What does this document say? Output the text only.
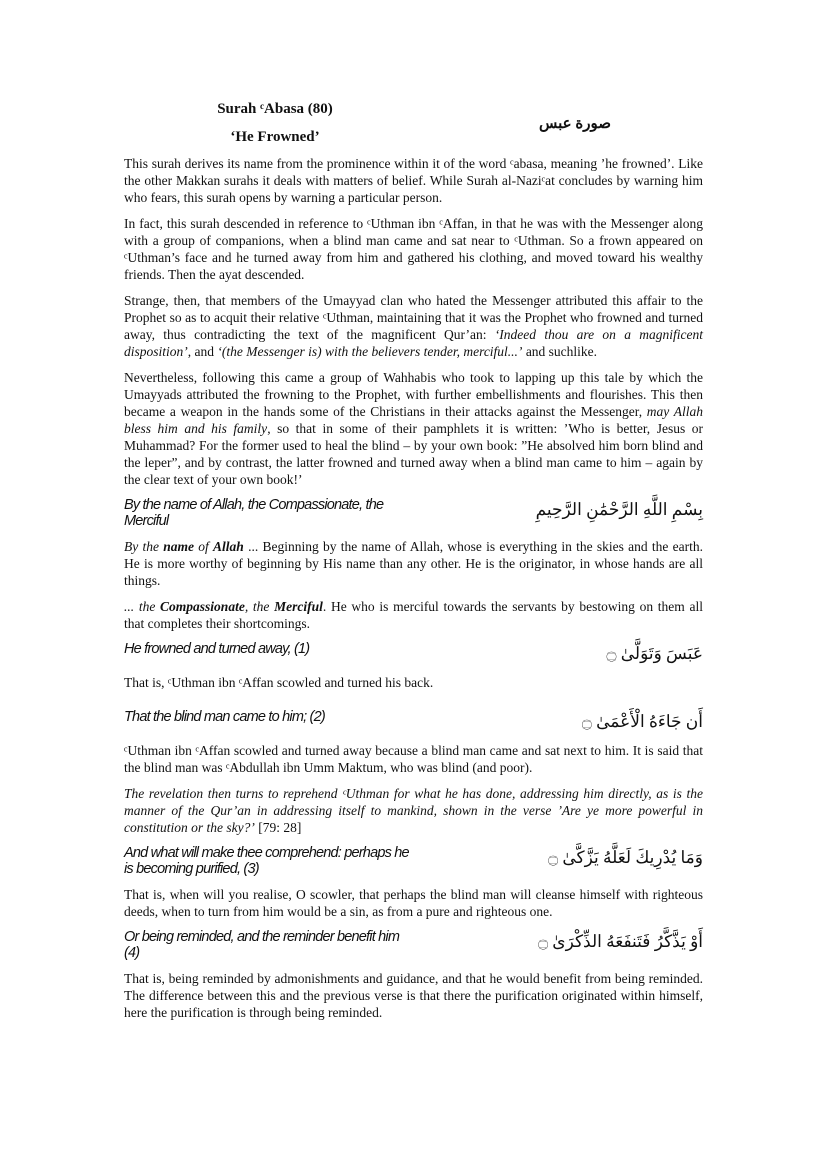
Surah ᶜAbasa (80)
‘He Frowned’
صورة عبس

This surah derives its name from the prominence within it of the word ᶜabasa, meaning ’he frowned’. Like the other Makkan surahs it deals with matters of belief. While Surah al-Naziᶜat concludes by warning him who fears, this surah opens by warning a particular person.

In fact, this surah descended in reference to ᶜUthman ibn ᶜAffan, in that he was with the Messenger along with a group of companions, when a blind man came and sat near to ᶜUthman. So a frown appeared on ᶜUthman’s face and he turned away from him and gathered his clothing, and moved toward his wealthy friends. Then the ayat descended.

Strange, then, that members of the Umayyad clan who hated the Messenger attributed this affair to the Prophet so as to acquit their relative ᶜUthman, maintaining that it was the Prophet who frowned and turned away, thus contradicting the text of the magnificent Qur’an: ‘Indeed thou are on a magnificent disposition’, and ‘(the Messenger is) with the believers tender, merciful...’ and suchlike.

Nevertheless, following this came a group of Wahhabis who took to lapping up this tale by which the Umayyads attributed the frowning to the Prophet, with further embellishments and flourishes. This then became a weapon in the hands some of the Christians in their attacks against the Messenger, may Allah bless him and his family, so that in some of their pamphlets it is written: ’Who is better, Jesus or Muhammad? For the former used to heal the blind – by your own book: ”He absolved him born blind and the leper”, and by contrast, the latter frowned and turned away when a blind man came to him – again by the clear text of your own book!’

By the name of Allah, the Compassionate, the Merciful
بِسْمِ اللَّهِ الرَّحْمَٰنِ الرَّحِيمِ

By the name of Allah ... Beginning by the name of Allah, whose is everything in the skies and the earth. He is more worthy of beginning by His name than any other. He is the originator, in whose hands are all things.

... the Compassionate, the Merciful. He who is merciful towards the servants by bestowing on them all that completes their shortcomings.

He frowned and turned away, (1)	عَبَسَ وَتَوَلَّىٰ ۝

That is, ᶜUthman ibn ᶜAffan scowled and turned his back.

That the blind man came to him; (2)	أَن جَاءَهُ الْأَعْمَىٰ ۝

ᶜUthman ibn ᶜAffan scowled and turned away because a blind man came and sat next to him. It is said that the blind man was ᶜAbdullah ibn Umm Maktum, who was blind (and poor).

The revelation then turns to reprehend ᶜUthman for what he has done, addressing him directly, as is the manner of the Qur’an in addressing itself to mankind, shown in the verse ’Are ye more powerful in constitution or the sky?’ [79: 28]

And what will make thee comprehend: perhaps he is becoming purified, (3)
وَمَا يُدْرِيكَ لَعَلَّهُ يَزَّكَّىٰ ۝

That is, when will you realise, O scowler, that perhaps the blind man will cleanse himself with righteous deeds, when to turn from him would be a sin, as from a pure and righteous one.

Or being reminded, and the reminder benefit him (4)
أَوْ يَذَّكَّرُ فَتَنفَعَهُ الذِّكْرَىٰ ۝

That is, being reminded by admonishments and guidance, and that he would benefit from being reminded. The difference between this and the previous verse is that there the purification originated within himself, here the purification is through being reminded.
